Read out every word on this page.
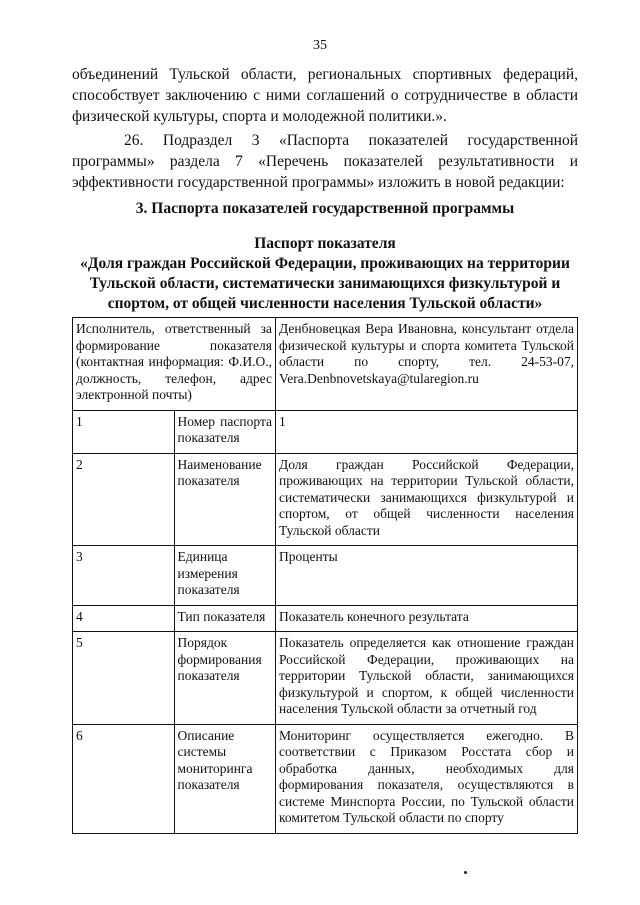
35

объединений Тульской области, региональных спортивных федераций, способствует заключению с ними соглашений о сотрудничестве в области физической культуры, спорта и молодежной политики.».

26. Подраздел 3 «Паспорта показателей государственной программы» раздела 7 «Перечень показателей результативности и эффективности государственной программы» изложить в новой редакции:

3. Паспорта показателей государственной программы
Паспорт показателя
«Доля граждан Российской Федерации, проживающих на территории
Тульской области, систематически занимающихся физкультурой и
спортом, от общей численности населения Тульской области»
Исполнитель, ответственный за формирование показателя (контактная информация: Ф.И.О., должность, телефон, адрес электронной почты)		Денбновецкая Вера Ивановна, консультант отдела физической культуры и спорта комитета Тульской области по спорту, тел. 24-53-07, Vera.Denbnovetskaya@tularegion.ru
1	Номер паспорта показателя	1
2	Наименование показателя	Доля граждан Российской Федерации, проживающих на территории Тульской области, систематически занимающихся физкультурой и спортом, от общей численности населения Тульской области
3	Единица измерения показателя	Проценты
4	Тип показателя	Показатель конечного результата
5	Порядок формирования показателя	Показатель определяется как отношение граждан Российской Федерации, проживающих на территории Тульской области, занимающихся физкультурой и спортом, к общей численности населения Тульской области за отчетный год
6	Описание системы мониторинга показателя	Мониторинг осуществляется ежегодно. В соответствии с Приказом Росстата сбор и обработка данных, необходимых для формирования показателя, осуществляются в системе Минспорта России, по Тульской области комитетом Тульской области по спорту
